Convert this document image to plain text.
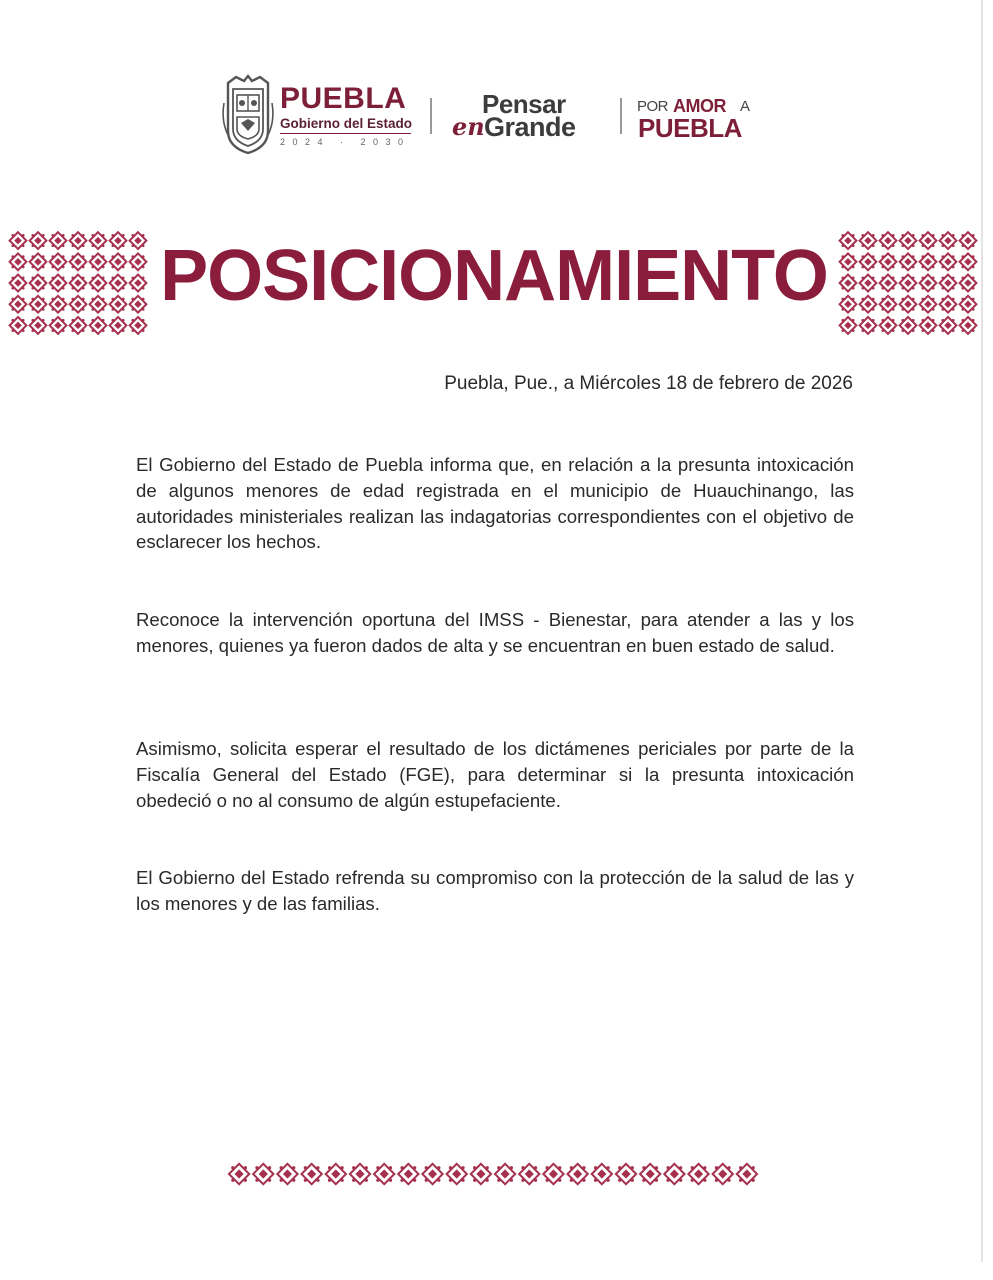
PUEBLA
Gobierno del Estado
2024 · 2030
Pensar
en Grande
POR AMOR A
PUEBLA
POSICIONAMIENTO
Puebla, Pue., a Miércoles 18 de febrero de 2026

El Gobierno del Estado de Puebla informa que, en relación a la presunta intoxicación de algunos menores de edad registrada en el municipio de Huauchinango, las autoridades ministeriales realizan las indagatorias correspondientes con el objetivo de esclarecer los hechos.

Reconoce la intervención oportuna del IMSS - Bienestar, para atender a las y los menores, quienes ya fueron dados de alta y se encuentran en buen estado de salud.

Asimismo, solicita esperar el resultado de los dictámenes periciales por parte de la Fiscalía General del Estado (FGE), para determinar si la presunta intoxicación obedeció o no al consumo de algún estupefaciente.

El Gobierno del Estado refrenda su compromiso con la protección de la salud de las y los menores y de las familias.
